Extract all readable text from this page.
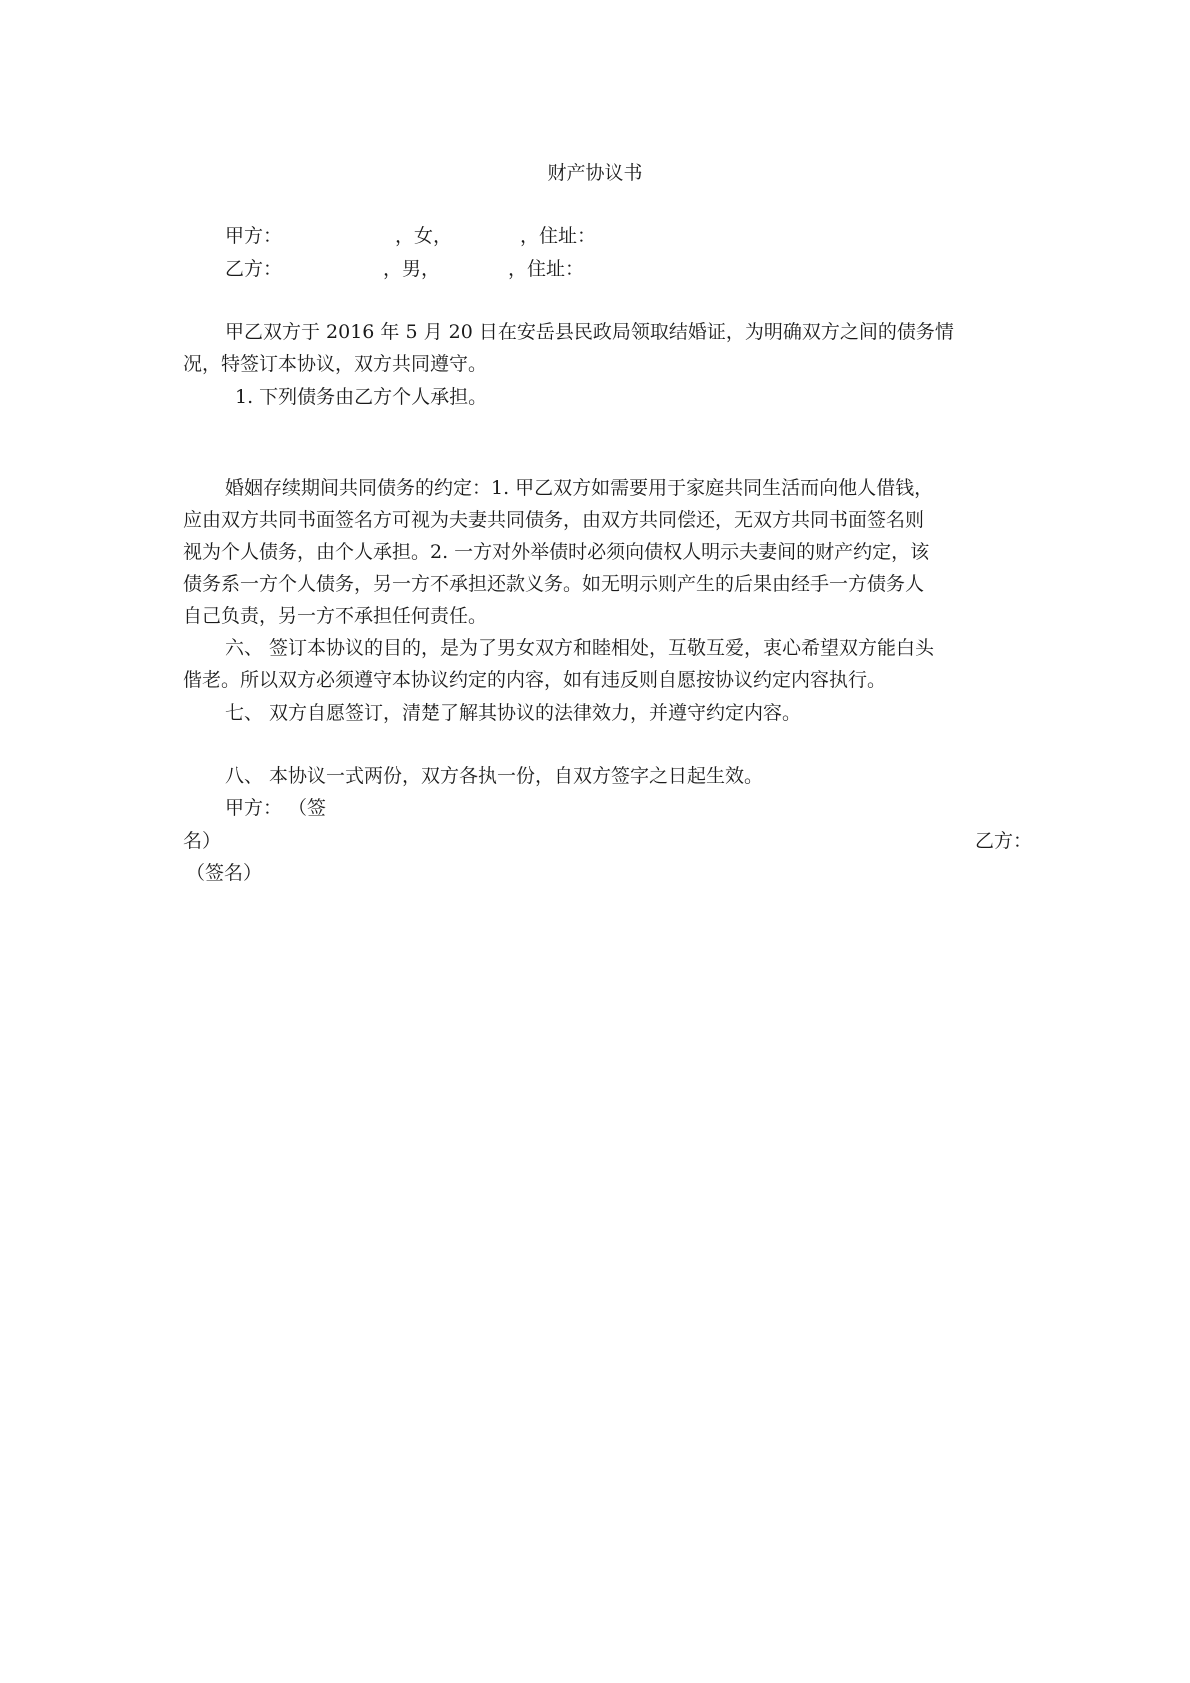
财产协议书

甲方：	，女，	，住址：

乙方：	，男，	，住址：

甲乙双方于 2016 年 5 月 20 日在安岳县民政局领取结婚证，为明确双方之间的债务情

况，特签订本协议，双方共同遵守。

1. 下列债务由乙方个人承担。

婚姻存续期间共同债务的约定：1. 甲乙双方如需要用于家庭共同生活而向他人借钱，

应由双方共同书面签名方可视为夫妻共同债务，由双方共同偿还，无双方共同书面签名则

视为个人债务，由个人承担。2. 一方对外举债时必须向债权人明示夫妻间的财产约定，该

债务系一方个人债务，另一方不承担还款义务。如无明示则产生的后果由经手一方债务人

自己负责，另一方不承担任何责任。

六、 签订本协议的目的，是为了男女双方和睦相处，互敬互爱，衷心希望双方能白头

偕老。所以双方必须遵守本协议约定的内容，如有违反则自愿按协议约定内容执行。

七、 双方自愿签订，清楚了解其协议的法律效力，并遵守约定内容。

八、 本协议一式两份，双方各执一份，自双方签字之日起生效。

甲方： （签

名）	乙方：

（签名）
